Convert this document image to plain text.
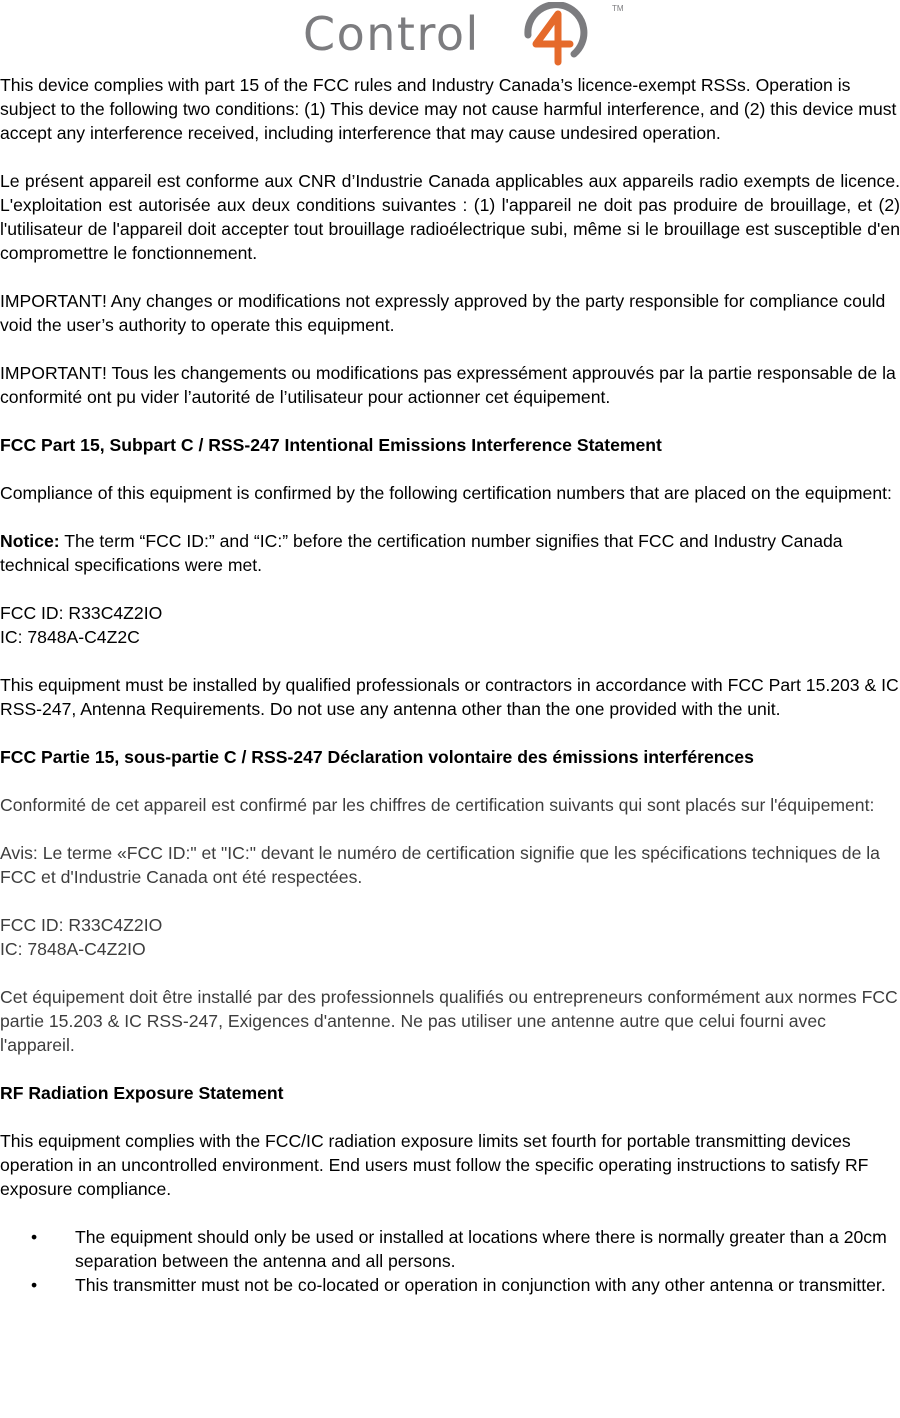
Control	TM

This device complies with part 15 of the FCC rules and Industry Canada’s licence-exempt RSSs. Operation is subject to the following two conditions: (1) This device may not cause harmful interference, and (2) this device must accept any interference received, including interference that may cause undesired operation.

Le présent appareil est conforme aux CNR d’Industrie Canada applicables aux appareils radio exempts de licence. L'exploitation est autorisée aux deux conditions suivantes : (1) l'appareil ne doit pas produire de brouillage, et (2) l'utilisateur de l'appareil doit accepter tout brouillage radioélectrique subi, même si le brouillage est susceptible d'en compromettre le fonctionnement.

IMPORTANT! Any changes or modifications not expressly approved by the party responsible for compliance could void the user’s authority to operate this equipment.

IMPORTANT! Tous les changements ou modifications pas expressément approuvés par la partie responsable de la conformité ont pu vider l’autorité de l’utilisateur pour actionner cet équipement.

FCC Part 15, Subpart C / RSS-247 Intentional Emissions Interference Statement

Compliance of this equipment is confirmed by the following certification numbers that are placed on the equipment:

Notice: The term “FCC ID:” and “IC:” before the certification number signifies that FCC and Industry Canada technical specifications were met.

FCC ID: R33C4Z2IO

IC: 7848A-C4Z2C

This equipment must be installed by qualified professionals or contractors in accordance with FCC Part 15.203 & IC RSS-247, Antenna Requirements. Do not use any antenna other than the one provided with the unit.

FCC Partie 15, sous-partie C / RSS-247 Déclaration volontaire des émissions interférences

Conformité de cet appareil est confirmé par les chiffres de certification suivants qui sont placés sur l'équipement:

Avis: Le terme «FCC ID:" et "IC:" devant le numéro de certification signifie que les spécifications techniques de la FCC et d'Industrie Canada ont été respectées.

FCC ID: R33C4Z2IO

IC: 7848A-C4Z2IO

Cet équipement doit être installé par des professionnels qualifiés ou entrepreneurs conformément aux normes FCC partie 15.203 & IC RSS-247, Exigences d'antenne. Ne pas utiliser une antenne autre que celui fourni avec l'appareil.

RF Radiation Exposure Statement

This equipment complies with the FCC/IC radiation exposure limits set fourth for portable transmitting devices operation in an uncontrolled environment. End users must follow the specific operating instructions to satisfy RF exposure compliance.

• The equipment should only be used or installed at locations where there is normally greater than a 20cm separation between the antenna and all persons.
• This transmitter must not be co-located or operation in conjunction with any other antenna or transmitter.
